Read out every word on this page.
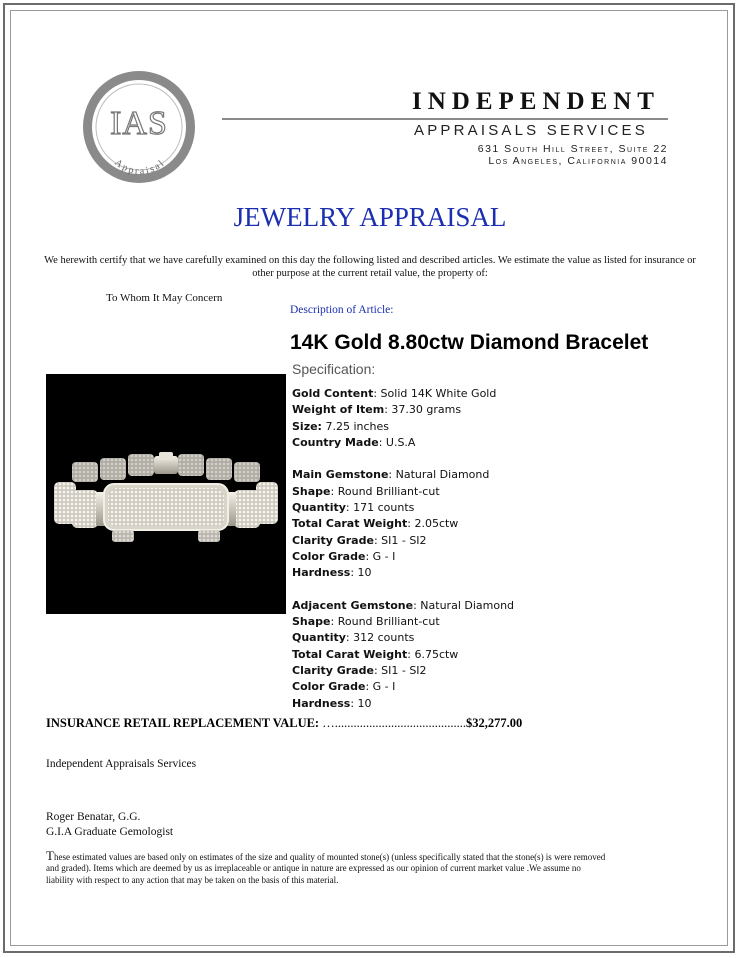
IAS
Appraisal
INDEPENDENT
APPRAISALS SERVICES
631 South Hill Street, Suite 22
Los Angeles, California 90014
JEWELRY APPRAISAL
We herewith certify that we have carefully examined on this day the following listed and described articles. We estimate the value as listed for insurance or other purpose at the current retail value, the property of:
To Whom It May Concern
Description of Article:
14K Gold 8.80ctw Diamond Bracelet
Specification:
Gold Content: Solid 14K White Gold
Weight of Item: 37.30 grams
Size: 7.25 inches
Country Made: U.S.A
Main Gemstone: Natural Diamond
Shape: Round Brilliant-cut
Quantity: 171 counts
Total Carat Weight: 2.05ctw
Clarity Grade: SI1 - SI2
Color Grade: G - I
Hardness: 10
Adjacent Gemstone: Natural Diamond
Shape: Round Brilliant-cut
Quantity: 312 counts
Total Carat Weight: 6.75ctw
Clarity Grade: SI1 - SI2
Color Grade: G - I
Hardness: 10
INSURANCE RETAIL REPLACEMENT VALUE: …..........................................$32,277.00
Independent Appraisals Services
Roger Benatar, G.G.
G.I.A Graduate Gemologist
These estimated values are based only on estimates of the size and quality of mounted stone(s) (unless specifically stated that the stone(s) is were removed and graded). Items which are deemed by us as irreplaceable or antique in nature are expressed as our opinion of current market value .We assume no liability with respect to any action that may be taken on the basis of this material.
